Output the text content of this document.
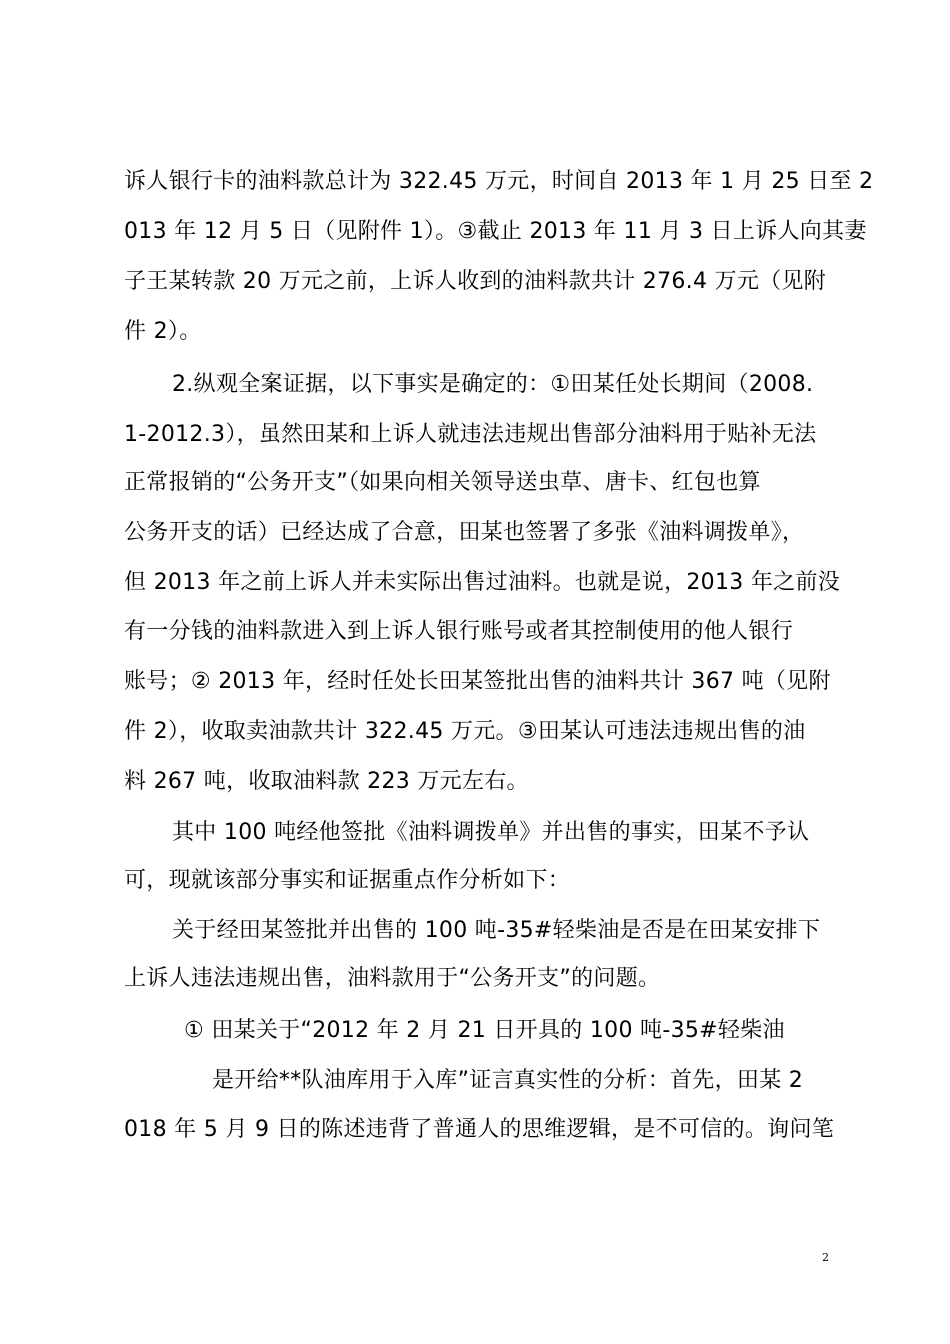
诉人银行卡的油料款总计为 322.45 万元，时间自 2013 年 1 月 25 日至 2
013 年 12 月 5 日（见附件 1）。③截止 2013 年 11 月 3 日上诉人向其妻
子王某转款 20 万元之前，上诉人收到的油料款共计 276.4 万元（见附
件 2）。
2.纵观全案证据，以下事实是确定的：①田某任处长期间（2008.
1-2012.3），虽然田某和上诉人就违法违规出售部分油料用于贴补无法
正常报销的“公务开支”（如果向相关领导送虫草、唐卡、红包也算
公务开支的话）已经达成了合意，田某也签署了多张《油料调拨单》，
但 2013 年之前上诉人并未实际出售过油料。也就是说，2013 年之前没
有一分钱的油料款进入到上诉人银行账号或者其控制使用的他人银行
账号；② 2013 年，经时任处长田某签批出售的油料共计 367 吨（见附
件 2），收取卖油款共计 322.45 万元。③田某认可违法违规出售的油
料 267 吨，收取油料款 223 万元左右。
其中 100 吨经他签批《油料调拨单》并出售的事实，田某不予认
可，现就该部分事实和证据重点作分析如下：
关于经田某签批并出售的 100 吨-35#轻柴油是否是在田某安排下
上诉人违法违规出售，油料款用于“公务开支”的问题。
① 田某关于“2012 年 2 月 21 日开具的 100 吨-35#轻柴油
是开给**队油库用于入库”证言真实性的分析：首先，田某 2
018 年 5 月 9 日的陈述违背了普通人的思维逻辑，是不可信的。询问笔
2
